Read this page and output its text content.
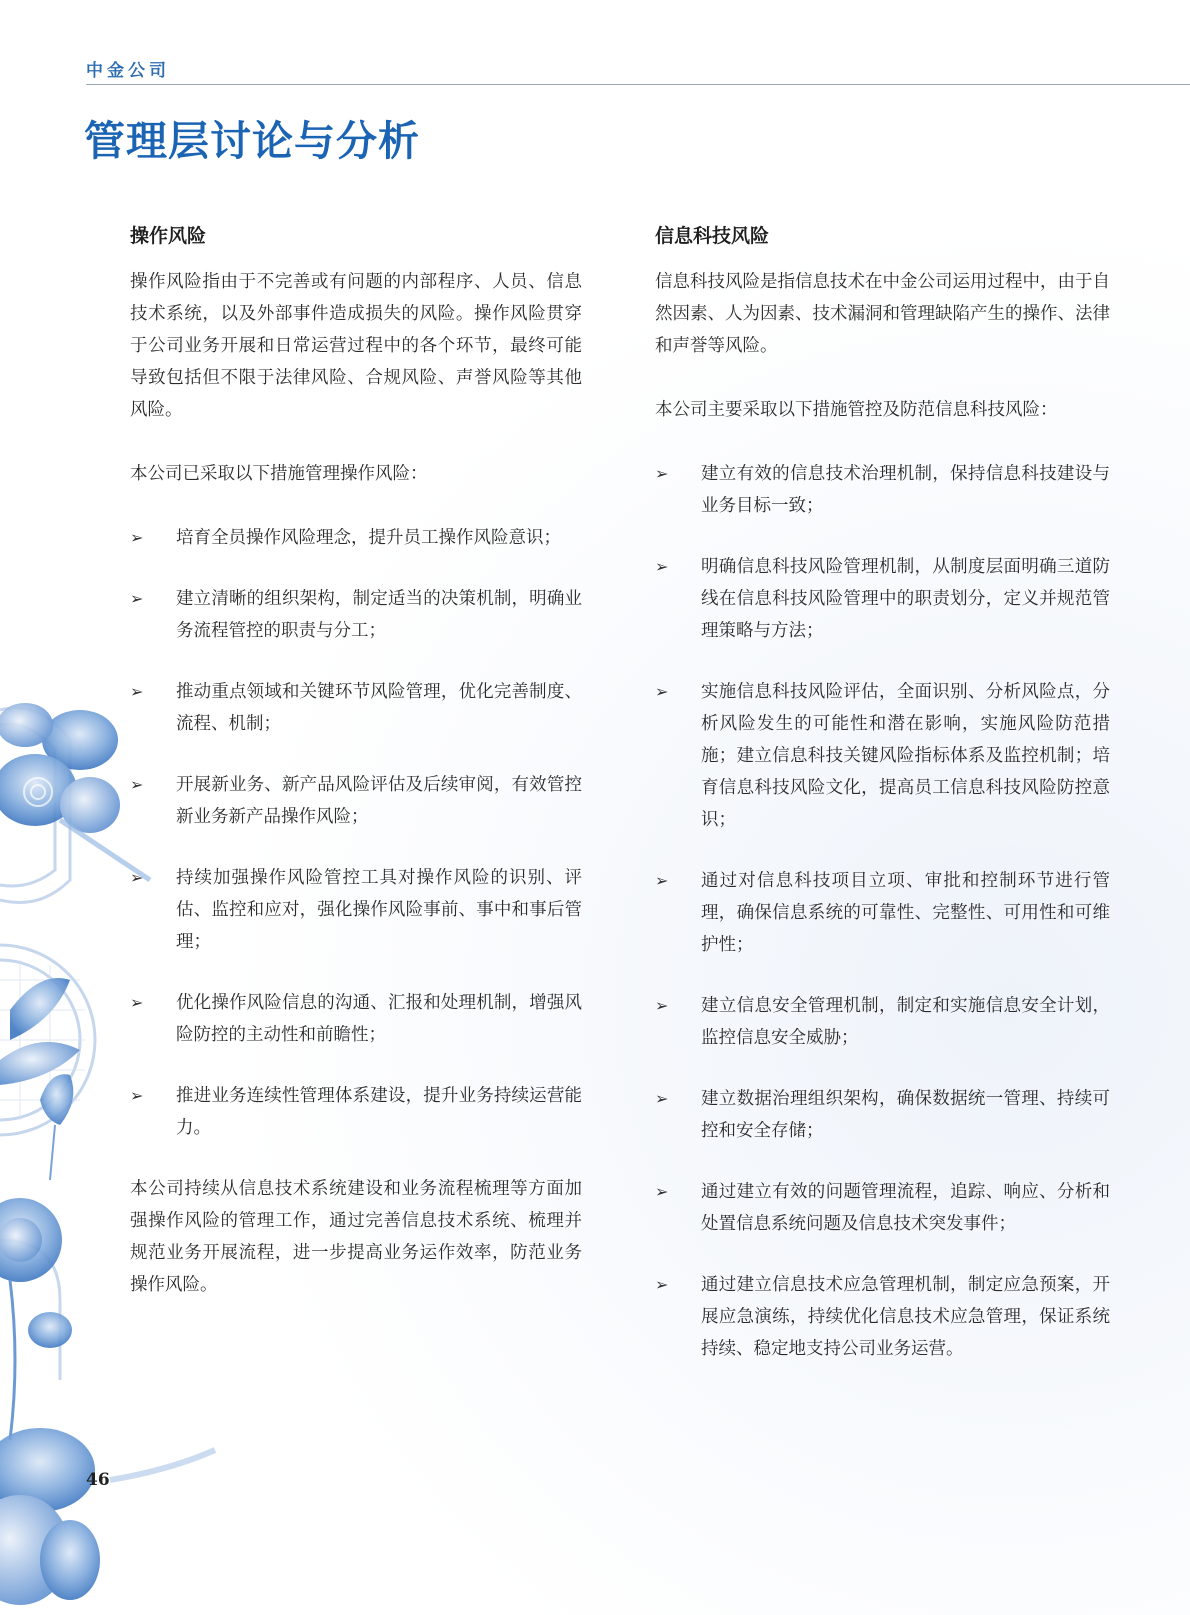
中金公司
管理层讨论与分析
操作风险

操作风险指由于不完善或有问题的内部程序、人员、信息技术系统，以及外部事件造成损失的风险。操作风险贯穿于公司业务开展和日常运营过程中的各个环节，最终可能导致包括但不限于法律风险、合规风险、声誉风险等其他风险。

本公司已采取以下措施管理操作风险：

➢ 培育全员操作风险理念，提升员工操作风险意识；
➢ 建立清晰的组织架构，制定适当的决策机制，明确业务流程管控的职责与分工；
➢ 推动重点领域和关键环节风险管理，优化完善制度、流程、机制；
➢ 开展新业务、新产品风险评估及后续审阅，有效管控新业务新产品操作风险；
➢ 持续加强操作风险管控工具对操作风险的识别、评估、监控和应对，强化操作风险事前、事中和事后管理；
➢ 优化操作风险信息的沟通、汇报和处理机制，增强风险防控的主动性和前瞻性；
➢ 推进业务连续性管理体系建设，提升业务持续运营能力。

本公司持续从信息技术系统建设和业务流程梳理等方面加强操作风险的管理工作，通过完善信息技术系统、梳理并规范业务开展流程，进一步提高业务运作效率，防范业务操作风险。

信息科技风险

信息科技风险是指信息技术在中金公司运用过程中，由于自然因素、人为因素、技术漏洞和管理缺陷产生的操作、法律和声誉等风险。

本公司主要采取以下措施管控及防范信息科技风险：

➢ 建立有效的信息技术治理机制，保持信息科技建设与业务目标一致；
➢ 明确信息科技风险管理机制，从制度层面明确三道防线在信息科技风险管理中的职责划分，定义并规范管理策略与方法；
➢ 实施信息科技风险评估，全面识别、分析风险点，分析风险发生的可能性和潜在影响，实施风险防范措施；建立信息科技关键风险指标体系及监控机制；培育信息科技风险文化，提高员工信息科技风险防控意识；
➢ 通过对信息科技项目立项、审批和控制环节进行管理，确保信息系统的可靠性、完整性、可用性和可维护性；
➢ 建立信息安全管理机制，制定和实施信息安全计划，监控信息安全威胁；
➢ 建立数据治理组织架构，确保数据统一管理、持续可控和安全存储；
➢ 通过建立有效的问题管理流程，追踪、响应、分析和处置信息系统问题及信息技术突发事件；
➢ 通过建立信息技术应急管理机制，制定应急预案，开展应急演练，持续优化信息技术应急管理，保证系统持续、稳定地支持公司业务运营。
46
